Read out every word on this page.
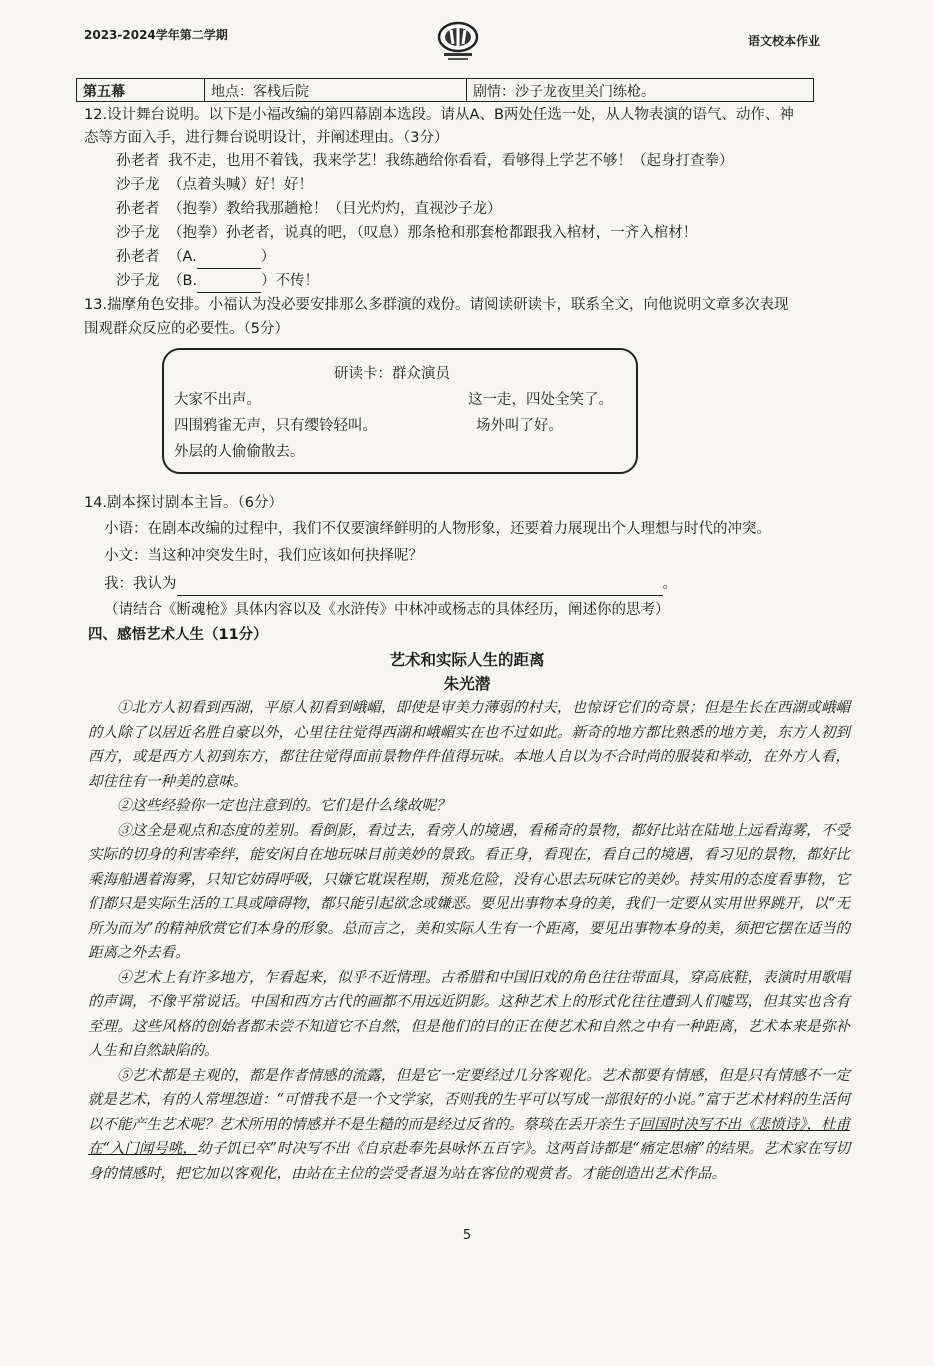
2023-2024学年第二学期	语文校本作业
第五幕	地点：客栈后院	剧情：沙子龙夜里关门练枪。
12.设计舞台说明。以下是小福改编的第四幕剧本选段。请从A、B两处任选一处，从人物表演的语气、动作、神
态等方面入手，进行舞台说明设计，并阐述理由。（3分）
孙老者 我不走，也用不着钱，我来学艺！我练趟给你看看，看够得上学艺不够！（起身打查拳）
沙子龙 （点着头喊）好！好！
孙老者 （抱拳）教给我那趟枪！（目光灼灼，直视沙子龙）
沙子龙 （抱拳）孙老者，说真的吧，（叹息）那条枪和那套枪都跟我入棺材，一齐入棺材！
孙老者 （A.	）
沙子龙 （B.	）不传！
13.揣摩角色安排。小福认为没必要安排那么多群演的戏份。请阅读研读卡，联系全文，向他说明文章多次表现
围观群众反应的必要性。（5分）
研读卡：群众演员
大家不出声。
四围鸦雀无声，只有缨铃轻叫。
外层的人偷偷散去。
这一走，四处全笑了。
场外叫了好。
14.剧本探讨剧本主旨。（6分）
小语：在剧本改编的过程中，我们不仅要演绎鲜明的人物形象，还要着力展现出个人理想与时代的冲突。
小文：当这种冲突发生时，我们应该如何抉择呢？
我：我认为	。
（请结合《断魂枪》具体内容以及《水浒传》中林冲或杨志的具体经历，阐述你的思考）
四、感悟艺术人生（11分）
艺术和实际人生的距离
朱光潜

①北方人初看到西湖，平原人初看到峨嵋，即使是审美力薄弱的村夫，也惊讶它们的奇景；但是生长在西湖或峨嵋的人除了以居近名胜自豪以外，心里往往觉得西湖和峨嵋实在也不过如此。新奇的地方都比熟悉的地方美，东方人初到西方，或是西方人初到东方，都往往觉得面前景物件件值得玩味。本地人自以为不合时尚的服装和举动，在外方人看，却往往有一种美的意味。

②这些经验你一定也注意到的。它们是什么缘故呢？

③这全是观点和态度的差别。看倒影，看过去，看旁人的境遇，看稀奇的景物，都好比站在陆地上远看海雾，不受实际的切身的利害牵绊，能安闲自在地玩味目前美妙的景致。看正身，看现在，看自己的境遇，看习见的景物，都好比乘海船遇着海雾，只知它妨碍呼吸，只嫌它耽误程期，预兆危险，没有心思去玩味它的美妙。持实用的态度看事物，它们都只是实际生活的工具或障碍物，都只能引起欲念或嫌恶。要见出事物本身的美，我们一定要从实用世界跳开，以“无所为而为”的精神欣赏它们本身的形象。总而言之，美和实际人生有一个距离，要见出事物本身的美，须把它摆在适当的距离之外去看。

④艺术上有许多地方，乍看起来，似乎不近情理。古希腊和中国旧戏的角色往往带面具，穿高底鞋，表演时用歌唱的声调，不像平常说话。中国和西方古代的画都不用远近阴影。这种艺术上的形式化往往遭到人们嘘骂，但其实也含有至理。这些风格的创始者都未尝不知道它不自然，但是他们的目的正在使艺术和自然之中有一种距离，艺术本来是弥补人生和自然缺陷的。

⑤艺术都是主观的，都是作者情感的流露，但是它一定要经过几分客观化。艺术都要有情感，但是只有情感不一定就是艺术，有的人常埋怨道：“可惜我不是一个文学家，否则我的生平可以写成一部很好的小说。”富于艺术材料的生活何以不能产生艺术呢？艺术所用的情感并不是生糙的而是经过反省的。蔡琰在丢开亲生子回国时决写不出《悲愤诗》，杜甫在“入门闻号咷，幼子饥已卒”时决写不出《自京赴奉先县咏怀五百字》。这两首诗都是“痛定思痛”的结果。艺术家在写切身的情感时，把它加以客观化，由站在主位的尝受者退为站在客位的观赏者。才能创造出艺术作品。

5
